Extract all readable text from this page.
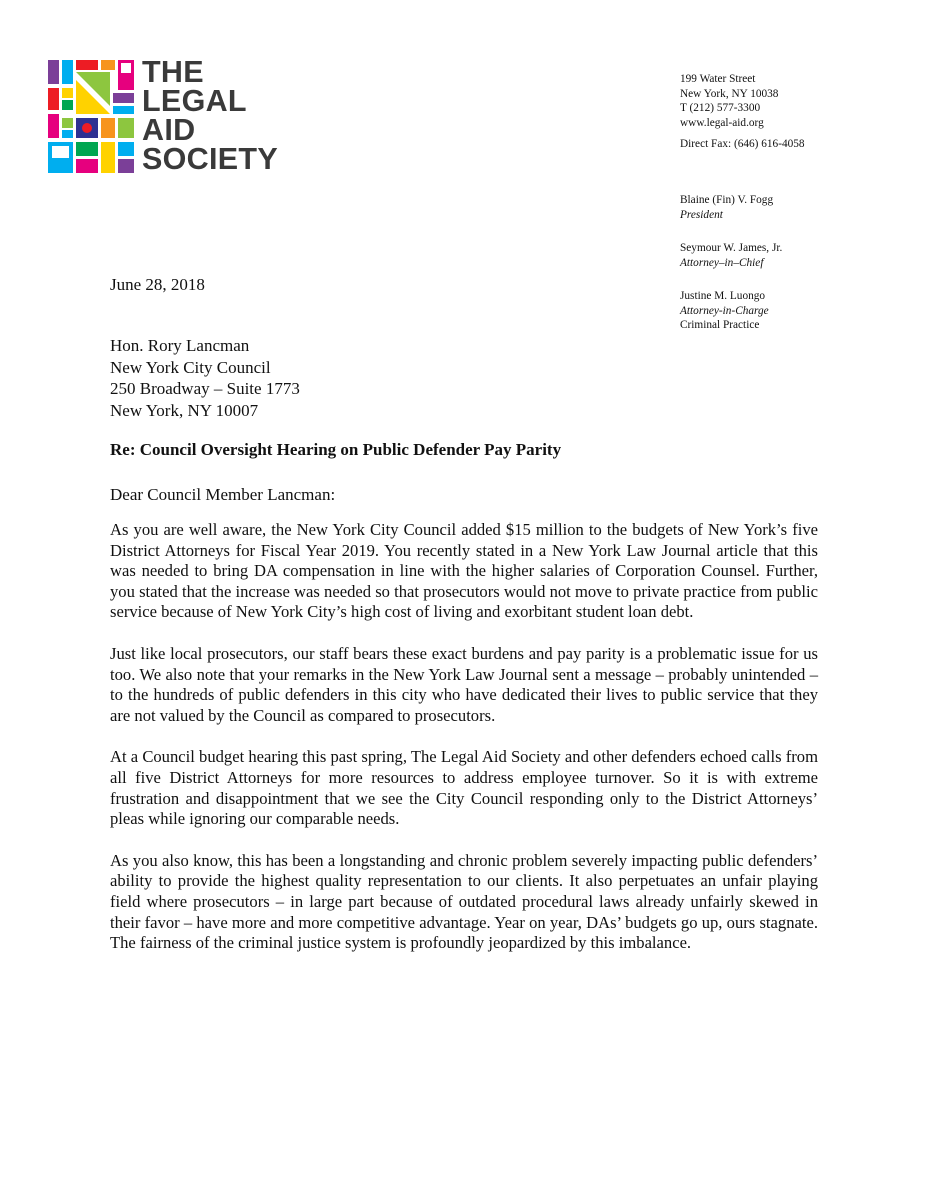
THE
LEGAL
AID
SOCIETY
199 Water Street
New York, NY 10038
T (212) 577-3300
www.legal-aid.org
Direct Fax: (646) 616-4058
Blaine (Fin) V. Fogg
President
Seymour W. James, Jr.
Attorney–in–Chief
Justine M. Luongo
Attorney-in-Charge
Criminal Practice
June 28, 2018
Hon. Rory Lancman
New York City Council
250 Broadway – Suite 1773
New York, NY 10007
Re: Council Oversight Hearing on Public Defender Pay Parity
Dear Council Member Lancman:

As you are well aware, the New York City Council added $15 million to the budgets of New York’s five District Attorneys for Fiscal Year 2019. You recently stated in a New York Law Journal article that this was needed to bring DA compensation in line with the higher salaries of Corporation Counsel. Further, you stated that the increase was needed so that prosecutors would not move to private practice from public service because of New York City’s high cost of living and exorbitant student loan debt.

Just like local prosecutors, our staff bears these exact burdens and pay parity is a problematic issue for us too. We also note that your remarks in the New York Law Journal sent a message – probably unintended – to the hundreds of public defenders in this city who have dedicated their lives to public service that they are not valued by the Council as compared to prosecutors.

At a Council budget hearing this past spring, The Legal Aid Society and other defenders echoed calls from all five District Attorneys for more resources to address employee turnover. So it is with extreme frustration and disappointment that we see the City Council responding only to the District Attorneys’ pleas while ignoring our comparable needs.

As you also know, this has been a longstanding and chronic problem severely impacting public defenders’ ability to provide the highest quality representation to our clients. It also perpetuates an unfair playing field where prosecutors – in large part because of outdated procedural laws already unfairly skewed in their favor – have more and more competitive advantage. Year on year, DAs’ budgets go up, ours stagnate. The fairness of the criminal justice system is profoundly jeopardized by this imbalance.
